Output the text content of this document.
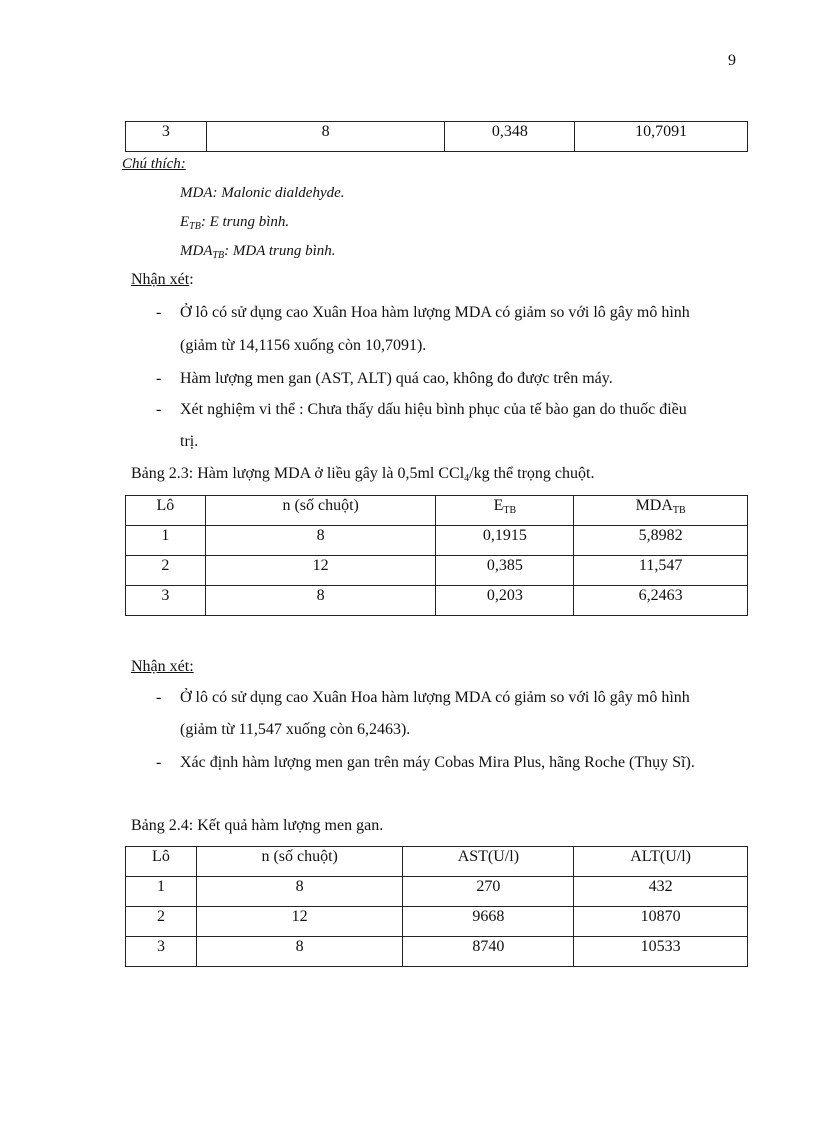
9
3	8	0,348	10,7091
Chú thích:
MDA: Malonic dialdehyde.
$E_{TB}$: E trung bình.
$MDA_{TB}$: MDA trung bình.
Nhận xét:
- Ở lô có sử dụng cao Xuân Hoa hàm lượng MDA có giảm so với lô gây mô hình
(giảm từ 14,1156 xuống còn 10,7091).
- Hàm lượng men gan (AST, ALT) quá cao, không đo được trên máy.
- Xét nghiệm vi thể : Chưa thấy dấu hiệu bình phục của tế bào gan do thuốc điều
trị.
Bảng 2.3: Hàm lượng MDA ở liều gây là 0,5ml CCl$_4$/kg thể trọng chuột.
Lô	n (số chuột)	$E_{TB}$	$MDA_{TB}$
1	8	0,1915	5,8982
2	12	0,385	11,547
3	8	0,203	6,2463
Nhận xét:
- Ở lô có sử dụng cao Xuân Hoa hàm lượng MDA có giảm so với lô gây mô hình
(giảm từ 11,547 xuống còn 6,2463).
- Xác định hàm lượng men gan trên máy Cobas Mira Plus, hãng Roche (Thụy Sĩ).
Bảng 2.4: Kết quả hàm lượng men gan.
Lô	n (số chuột)	AST(U/l)	ALT(U/l)
1	8	270	432
2	12	9668	10870
3	8	8740	10533
